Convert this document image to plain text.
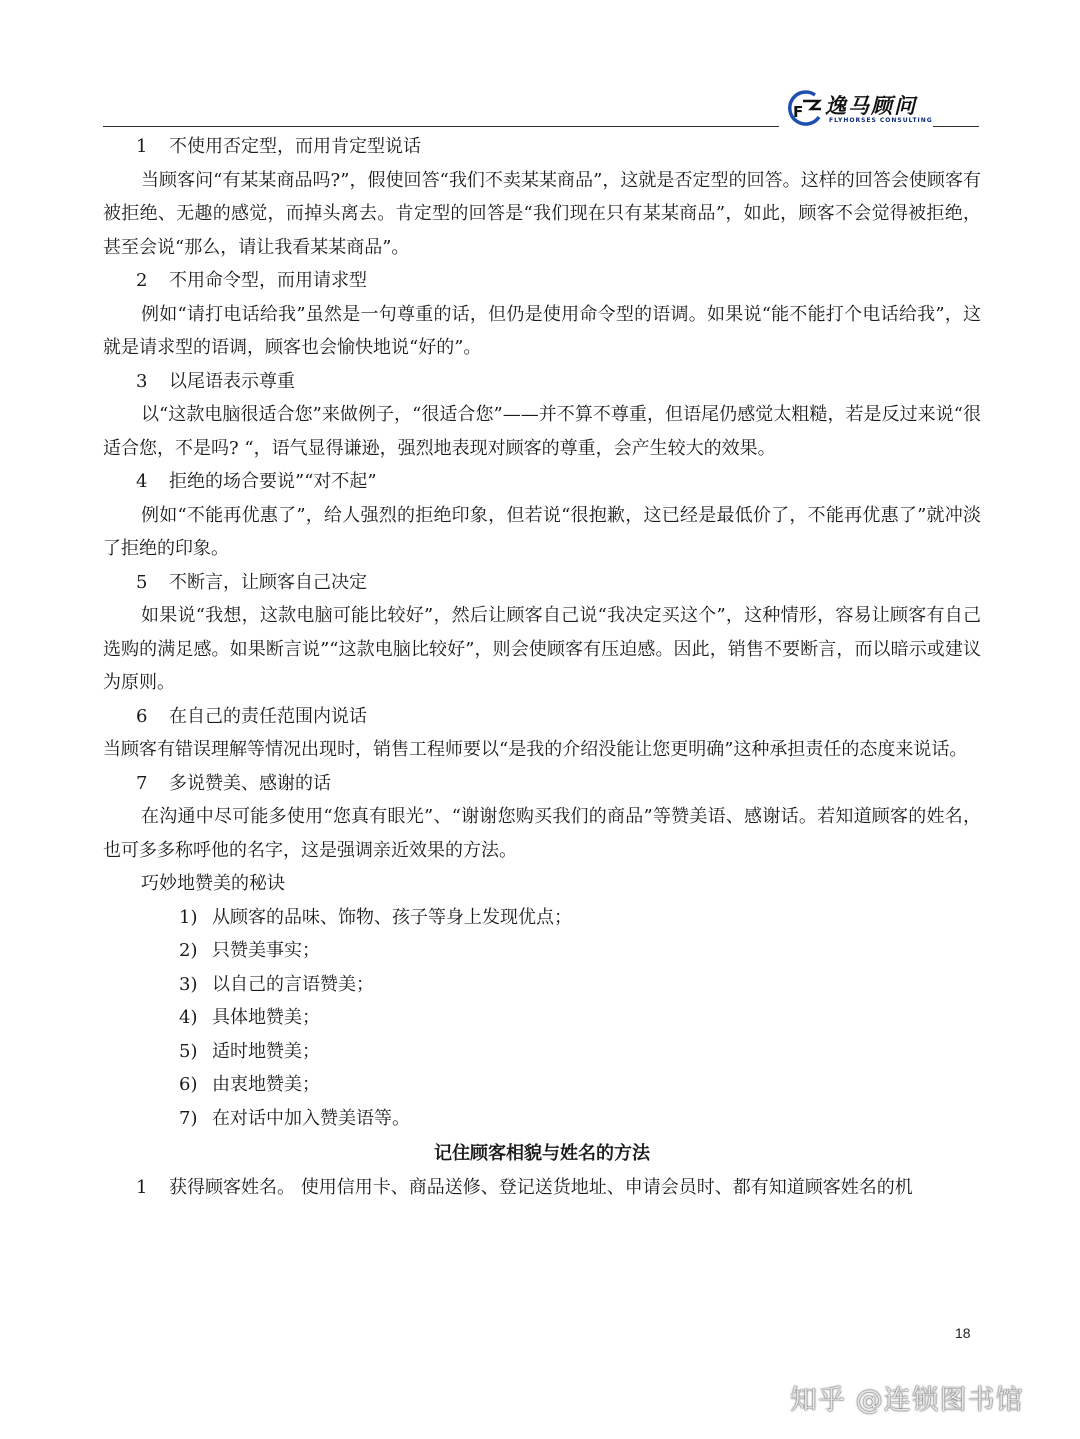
F 逸马顾问
FLYHORSES CONSULTING

1 不使用否定型，而用肯定型说话

当顾客问“有某某商品吗?”，假使回答“我们不卖某某商品”，这就是否定型的回答。这样的回答会使顾客有被拒绝、无趣的感觉，而掉头离去。肯定型的回答是“我们现在只有某某商品”，如此，顾客不会觉得被拒绝，甚至会说“那么，请让我看某某商品”。

2 不用命令型，而用请求型

例如“请打电话给我”虽然是一句尊重的话，但仍是使用命令型的语调。如果说“能不能打个电话给我”，这就是请求型的语调，顾客也会愉快地说“好的”。

3 以尾语表示尊重

以“这款电脑很适合您”来做例子，“很适合您”——并不算不尊重，但语尾仍感觉太粗糙，若是反过来说“很适合您，不是吗? “，语气显得谦逊，强烈地表现对顾客的尊重，会产生较大的效果。

4 拒绝的场合要说”“对不起”

例如“不能再优惠了”，给人强烈的拒绝印象，但若说“很抱歉，这已经是最低价了，不能再优惠了”就冲淡了拒绝的印象。

5 不断言，让顾客自己决定

如果说“我想，这款电脑可能比较好”，然后让顾客自己说“我决定买这个”，这种情形，容易让顾客有自己选购的满足感。如果断言说”“这款电脑比较好”，则会使顾客有压迫感。因此，销售不要断言，而以暗示或建议为原则。

6 在自己的责任范围内说话

当顾客有错误理解等情况出现时，销售工程师要以“是我的介绍没能让您更明确”这种承担责任的态度来说话。

7 多说赞美、感谢的话

在沟通中尽可能多使用“您真有眼光”、“谢谢您购买我们的商品”等赞美语、感谢话。若知道顾客的姓名，也可多多称呼他的名字，这是强调亲近效果的方法。

巧妙地赞美的秘诀

1) 从顾客的品味、饰物、孩子等身上发现优点；

2) 只赞美事实；

3) 以自己的言语赞美；

4) 具体地赞美；

5) 适时地赞美；

6) 由衷地赞美；

7) 在对话中加入赞美语等。

记住顾客相貌与姓名的方法

1 获得顾客姓名。 使用信用卡、商品送修、登记送货地址、申请会员时、都有知道顾客姓名的机

18
知乎 @连锁图书馆
